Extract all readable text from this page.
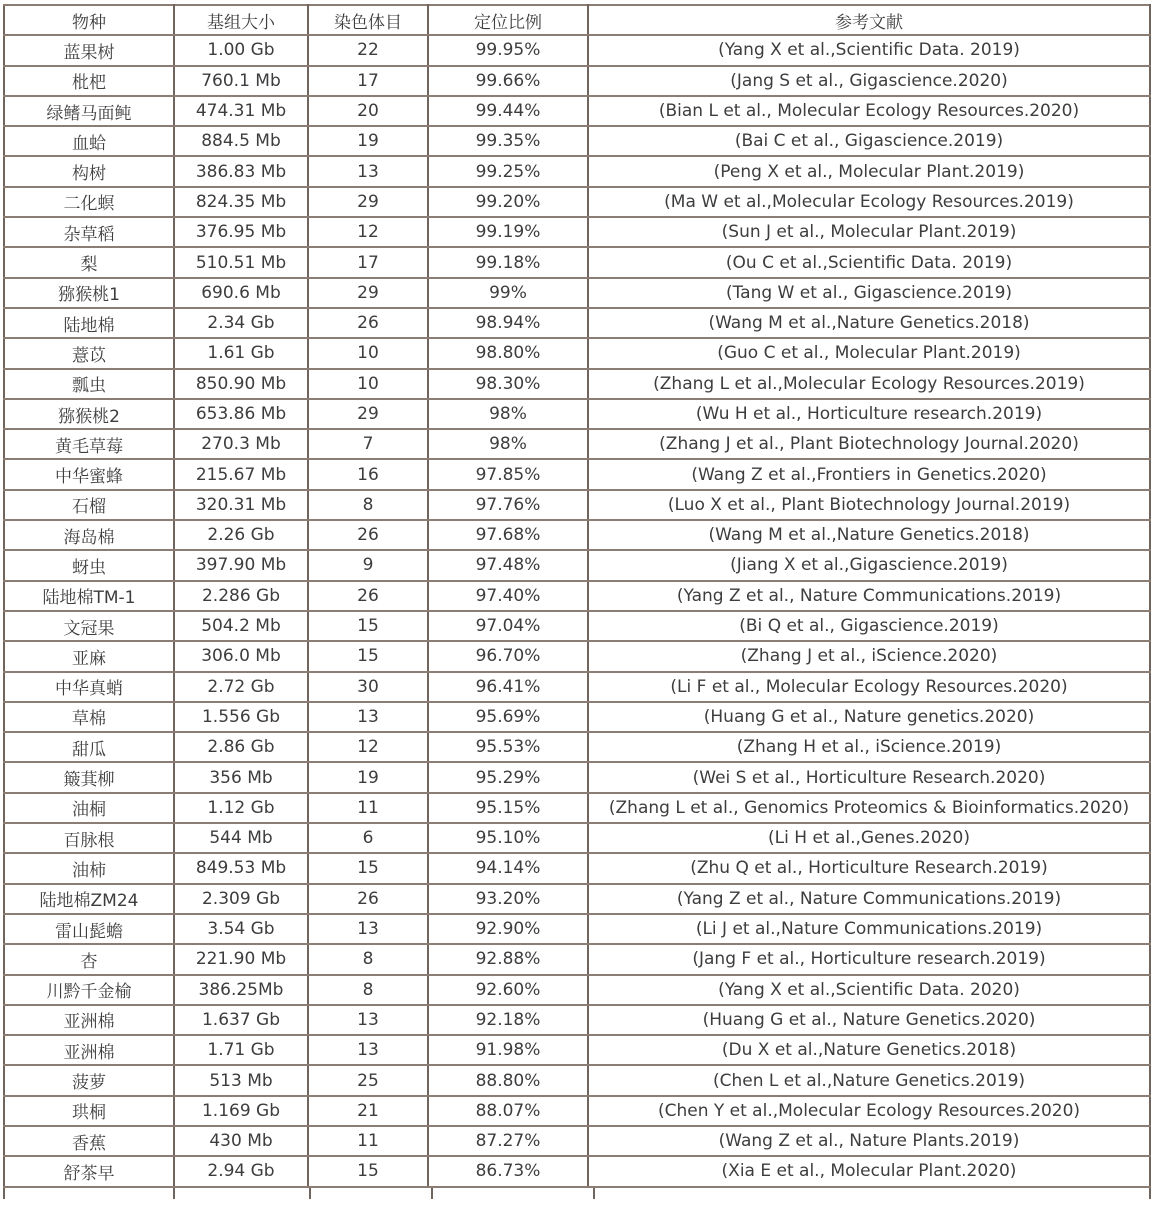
物种	基组大小	染色体目	定位比例	参考文献
蓝果树	1.00 Gb	22	99.95%	(Yang X et al.,Scientific Data. 2019)
枇杷	760.1 Mb	17	99.66%	(Jang S et al., Gigascience.2020)
绿鳍马面鲀	474.31 Mb	20	99.44%	(Bian L et al., Molecular Ecology Resources.2020)
血蛤	884.5 Mb	19	99.35%	(Bai C et al., Gigascience.2019)
构树	386.83 Mb	13	99.25%	(Peng X et al., Molecular Plant.2019)
二化螟	824.35 Mb	29	99.20%	(Ma W et al.,Molecular Ecology Resources.2019)
杂草稻	376.95 Mb	12	99.19%	(Sun J et al., Molecular Plant.2019)
梨	510.51 Mb	17	99.18%	(Ou C et al.,Scientific Data. 2019)
猕猴桃1	690.6 Mb	29	99%	(Tang W et al., Gigascience.2019)
陆地棉	2.34 Gb	26	98.94%	(Wang M et al.,Nature Genetics.2018)
薏苡	1.61 Gb	10	98.80%	(Guo C et al., Molecular Plant.2019)
瓢虫	850.90 Mb	10	98.30%	(Zhang L et al.,Molecular Ecology Resources.2019)
猕猴桃2	653.86 Mb	29	98%	(Wu H et al., Horticulture research.2019)
黄毛草莓	270.3 Mb	7	98%	(Zhang J et al., Plant Biotechnology Journal.2020)
中华蜜蜂	215.67 Mb	16	97.85%	(Wang Z et al.,Frontiers in Genetics.2020)
石榴	320.31 Mb	8	97.76%	(Luo X et al., Plant Biotechnology Journal.2019)
海岛棉	2.26 Gb	26	97.68%	(Wang M et al.,Nature Genetics.2018)
蚜虫	397.90 Mb	9	97.48%	(Jiang X et al.,Gigascience.2019)
陆地棉TM-1	2.286 Gb	26	97.40%	(Yang Z et al., Nature Communications.2019)
文冠果	504.2 Mb	15	97.04%	(Bi Q et al., Gigascience.2019)
亚麻	306.0 Mb	15	96.70%	(Zhang J et al., iScience.2020)
中华真蛸	2.72 Gb	30	96.41%	(Li F et al., Molecular Ecology Resources.2020)
草棉	1.556 Gb	13	95.69%	(Huang G et al., Nature genetics.2020)
甜瓜	2.86 Gb	12	95.53%	(Zhang H et al., iScience.2019)
簸萁柳	356 Mb	19	95.29%	(Wei S et al., Horticulture Research.2020)
油桐	1.12 Gb	11	95.15%	(Zhang L et al., Genomics Proteomics & Bioinformatics.2020)
百脉根	544 Mb	6	95.10%	(Li H et al.,Genes.2020)
油柿	849.53 Mb	15	94.14%	(Zhu Q et al., Horticulture Research.2019)
陆地棉ZM24	2.309 Gb	26	93.20%	(Yang Z et al., Nature Communications.2019)
雷山髭蟾	3.54 Gb	13	92.90%	(Li J et al.,Nature Communications.2019)
杏	221.90 Mb	8	92.88%	(Jang F et al., Horticulture research.2019)
川黔千金榆	386.25Mb	8	92.60%	(Yang X et al.,Scientific Data. 2020)
亚洲棉	1.637 Gb	13	92.18%	(Huang G et al., Nature Genetics.2020)
亚洲棉	1.71 Gb	13	91.98%	(Du X et al.,Nature Genetics.2018)
菠萝	513 Mb	25	88.80%	(Chen L et al.,Nature Genetics.2019)
珙桐	1.169 Gb	21	88.07%	(Chen Y et al.,Molecular Ecology Resources.2020)
香蕉	430 Mb	11	87.27%	(Wang Z et al., Nature Plants.2019)
舒茶早	2.94 Gb	15	86.73%	(Xia E et al., Molecular Plant.2020)
